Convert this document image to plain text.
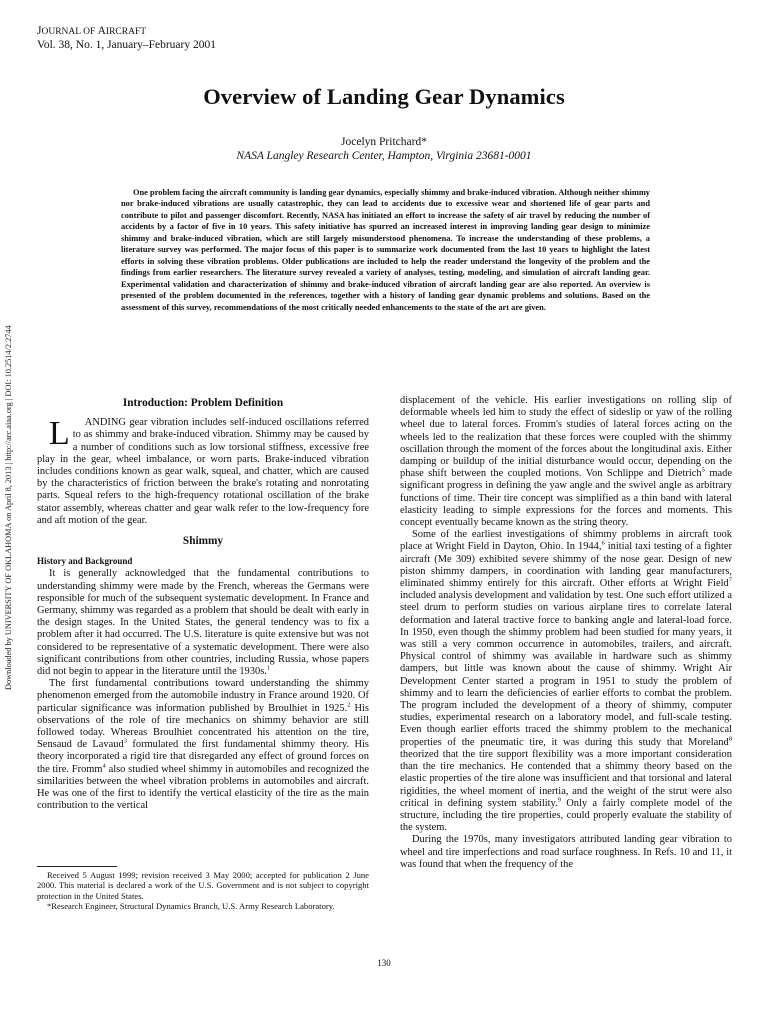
JOURNAL OF AIRCRAFT
Vol. 38, No. 1, January–February 2001
Overview of Landing Gear Dynamics
Jocelyn Pritchard*
NASA Langley Research Center, Hampton, Virginia 23681-0001
One problem facing the aircraft community is landing gear dynamics, especially shimmy and brake-induced vibration. Although neither shimmy nor brake-induced vibrations are usually catastrophic, they can lead to accidents due to excessive wear and shortened life of gear parts and contribute to pilot and passenger discomfort. Recently, NASA has initiated an effort to increase the safety of air travel by reducing the number of accidents by a factor of five in 10 years. This safety initiative has spurred an increased interest in improving landing gear design to minimize shimmy and brake-induced vibration, which are still largely misunderstood phenomena. To increase the understanding of these problems, a literature survey was performed. The major focus of this paper is to summarize work documented from the last 10 years to highlight the latest efforts in solving these vibration problems. Older publications are included to help the reader understand the longevity of the problem and the findings from earlier researchers. The literature survey revealed a variety of analyses, testing, modeling, and simulation of aircraft landing gear. Experimental validation and characterization of shimmy and brake-induced vibration of aircraft landing gear are also reported. An overview is presented of the problem documented in the references, together with a history of landing gear dynamic problems and solutions. Based on the assessment of this survey, recommendations of the most critically needed enhancements to the state of the art are given.
Downloaded by UNIVERSITY OF OKLAHOMA on April 8, 2013 | http://arc.aiaa.org | DOI: 10.2514/2.2744	Introduction: Problem Definition

L ANDING gear vibration includes self-induced oscillations referred to as shimmy and brake-induced vibration. Shimmy may be caused by a number of conditions such as low torsional stiffness, excessive free play in the gear, wheel imbalance, or worn parts. Brake-induced vibration includes conditions known as gear walk, squeal, and chatter, which are caused by the characteristics of friction between the brake's rotating and nonrotating parts. Squeal refers to the high-frequency rotational oscillation of the brake stator assembly, whereas chatter and gear walk refer to the low-frequency fore and aft motion of the gear.

Shimmy
History and Background

It is generally acknowledged that the fundamental contributions to understanding shimmy were made by the French, whereas the Germans were responsible for much of the subsequent systematic development. In France and Germany, shimmy was regarded as a problem that should be dealt with early in the design stages. In the United States, the general tendency was to fix a problem after it had occurred. The U.S. literature is quite extensive but was not considered to be representative of a systematic development. There were also significant contributions from other countries, including Russia, whose papers did not begin to appear in the literature until the 1930s.$^1$

The first fundamental contributions toward understanding the shimmy phenomenon emerged from the automobile industry in France around 1920. Of particular significance was information published by Broulhiet in 1925.$^2$ His observations of the role of tire mechanics on shimmy behavior are still followed today. Whereas Broulhiet concentrated his attention on the tire, Sensaud de Lavaud$^3$ formulated the first fundamental shimmy theory. His theory incorporated a rigid tire that disregarded any effect of ground forces on the tire. Fromm$^4$ also studied wheel shimmy in automobiles and recognized the similarities between the wheel vibration problems in automobiles and aircraft. He was one of the first to identify the vertical elasticity of the tire as the main contribution to the vertical

Received 5 August 1999; revision received 3 May 2000; accepted for publication 2 June 2000. This material is declared a work of the U.S. Government and is not subject to copyright protection in the United States.

*Research Engineer, Structural Dynamics Branch, U.S. Army Research Laboratory.

displacement of the vehicle. His earlier investigations on rolling slip of deformable wheels led him to study the effect of sideslip or yaw of the rolling wheel due to lateral forces. Fromm's studies of lateral forces acting on the wheels led to the realization that these forces were coupled with the shimmy oscillation through the moment of the forces about the longitudinal axis. Either damping or buildup of the initial disturbance would occur, depending on the phase shift between the coupled motions. Von Schlippe and Dietrich$^5$ made significant progress in defining the yaw angle and the swivel angle as arbitrary functions of time. Their tire concept was simplified as a thin band with lateral elasticity leading to simple expressions for the forces and moments. This concept eventually became known as the string theory.

Some of the earliest investigations of shimmy problems in aircraft took place at Wright Field in Dayton, Ohio. In 1944,$^6$ initial taxi testing of a fighter aircraft (Me 309) exhibited severe shimmy of the nose gear. Design of new piston shimmy dampers, in coordination with landing gear manufacturers, eliminated shimmy entirely for this aircraft. Other efforts at Wright Field$^7$ included analysis development and validation by test. One such effort utilized a steel drum to perform studies on various airplane tires to correlate lateral deformation and lateral tractive force to banking angle and lateral-load force. In 1950, even though the shimmy problem had been studied for many years, it was still a very common occurrence in automobiles, trailers, and aircraft. Physical control of shimmy was available in hardware such as shimmy dampers, but little was known about the cause of shimmy. Wright Air Development Center started a program in 1951 to study the problem of shimmy and to learn the deficiencies of earlier efforts to combat the problem. The program included the development of a theory of shimmy, computer studies, experimental research on a laboratory model, and full-scale testing. Even though earlier efforts traced the shimmy problem to the mechanical properties of the pneumatic tire, it was during this study that Moreland$^8$ theorized that the tire support flexibility was a more important consideration than the tire mechanics. He contended that a shimmy theory based on the elastic properties of the tire alone was insufficient and that torsional and lateral rigidities, the wheel moment of inertia, and the weight of the strut were also critical in defining system stability.$^9$ Only a fairly complete model of the structure, including the tire properties, could properly evaluate the stability of the system.

During the 1970s, many investigators attributed landing gear vibration to wheel and tire imperfections and road surface roughness. In Refs. 10 and 11, it was found that when the frequency of the

130
